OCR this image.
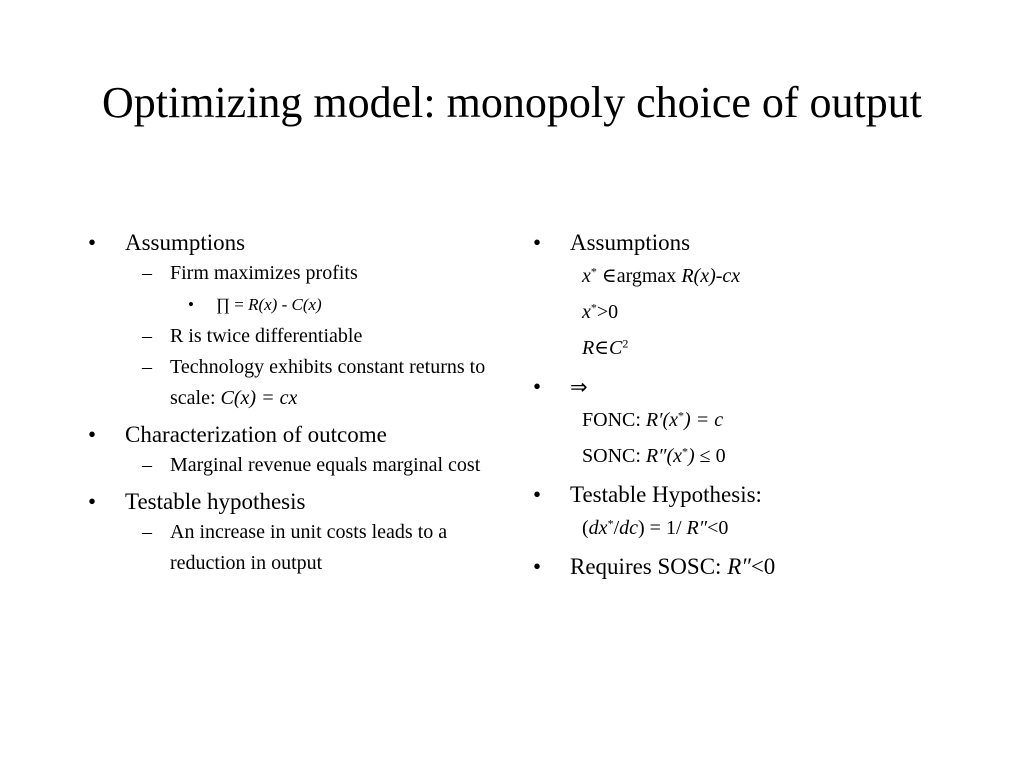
Optimizing model: monopoly choice of output
• Assumptions
– Firm maximizes profits
• ∏ = R(x) - C(x)
– R is twice differentiable
– Technology exhibits constant returns to scale: C(x) = cx
• Characterization of outcome
– Marginal revenue equals marginal cost
• Testable hypothesis
– An increase in unit costs leads to a reduction in output
• Assumptions
x* ∈argmax R(x)-cx
x*>0
$R\in C^2$
• ⇒
FONC: R′(x*) = c
SONC: R″(x*) ≤ 0
• Testable Hypothesis:
(dx*/dc) = 1/ R″<0
• Requires SOSC: R″<0
